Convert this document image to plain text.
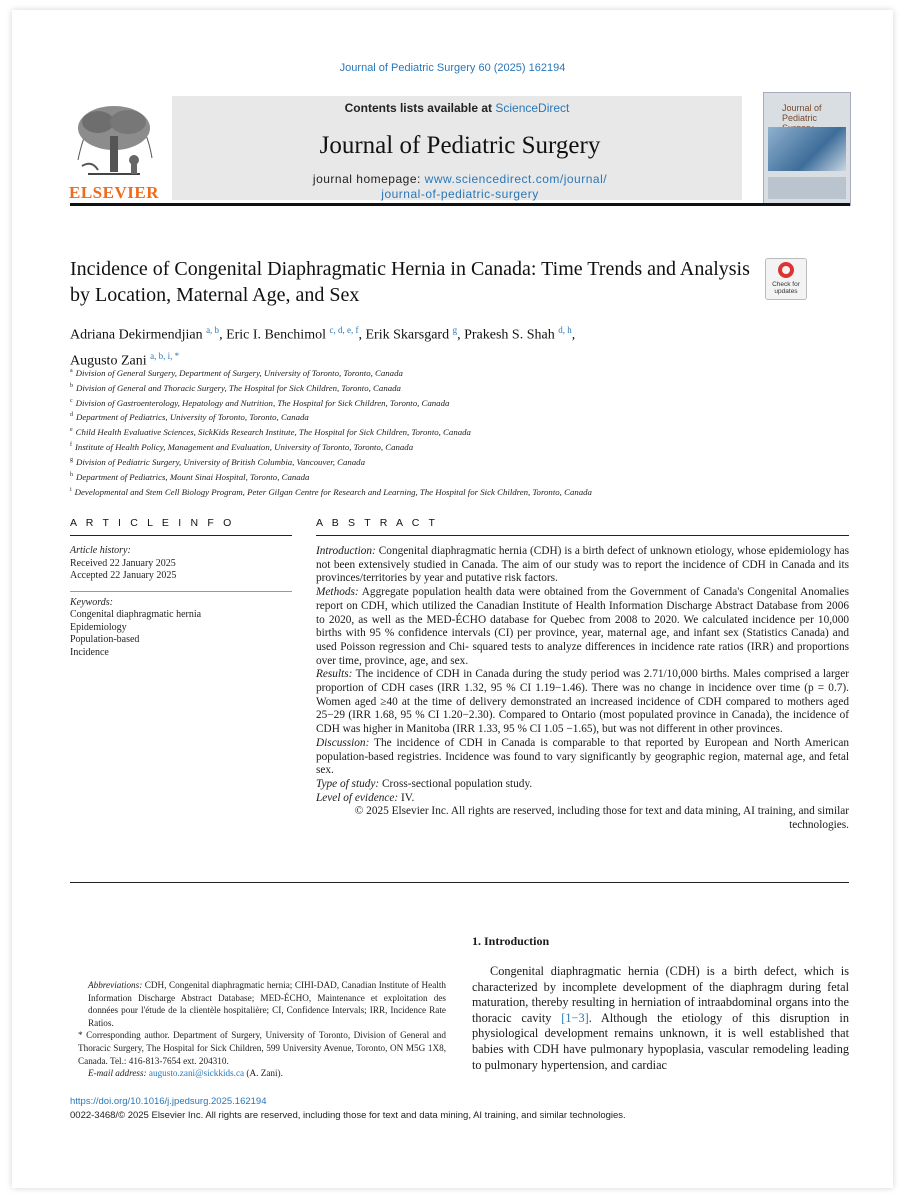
Journal of Pediatric Surgery 60 (2025) 162194
ELSEVIER
Contents lists available at ScienceDirect
Journal of Pediatric Surgery
journal homepage: www.sciencedirect.com/journal/
journal-of-pediatric-surgery
Journal of
Pediatric
Incidence of Congenital Diaphragmatic Hernia in Canada: Time Trends and Analysis by Location, Maternal Age, and Sex	Check for
updates
Adriana Dekirmendjian $^{a, b}$, Eric I. Benchimol $^{c, d, e, f}$, Erik Skarsgard $^g$, Prakesh S. Shah $^{d, h}$,
Augusto Zani $^{a, b, i, *}$
$^a$ Division of General Surgery, Department of Surgery, University of Toronto, Toronto, Canada
$^b$ Division of General and Thoracic Surgery, The Hospital for Sick Children, Toronto, Canada
$^c$ Division of Gastroenterology, Hepatology and Nutrition, The Hospital for Sick Children, Toronto, Canada
$^d$ Department of Pediatrics, University of Toronto, Toronto, Canada
$^e$ Child Health Evaluative Sciences, SickKids Research Institute, The Hospital for Sick Children, Toronto, Canada
$^f$ Institute of Health Policy, Management and Evaluation, University of Toronto, Toronto, Canada
$^g$ Division of Pediatric Surgery, University of British Columbia, Vancouver, Canada
$^h$ Department of Pediatrics, Mount Sinai Hospital, Toronto, Canada
$^i$ Developmental and Stem Cell Biology Program, Peter Gilgan Centre for Research and Learning, The Hospital for Sick Children, Toronto, Canada
A R T I C L E I N F O	A B S T R A C T
Article history:
Received 22 January 2025
Accepted 22 January 2025
Keywords:
Congenital diaphragmatic hernia
Epidemiology
Population-based
Incidence
Introduction: Congenital diaphragmatic hernia (CDH) is a birth defect of unknown etiology, whose epidemiology has not been extensively studied in Canada. The aim of our study was to report the incidence of CDH in Canada and its provinces/territories by year and putative risk factors.
Methods: Aggregate population health data were obtained from the Government of Canada's Congenital Anomalies report on CDH, which utilized the Canadian Institute of Health Information Discharge Abstract Database from 2006 to 2020, as well as the MED-ÉCHO database for Quebec from 2008 to 2020. We calculated incidence per 10,000 births with 95 % confidence intervals (CI) per province, year, maternal age, and infant sex (Statistics Canada) and used Poisson regression and Chi- squared tests to analyze differences in incidence rate ratios (IRR) and proportions over time, province, age, and sex.
Results: The incidence of CDH in Canada during the study period was 2.71/10,000 births. Males comprised a larger proportion of CDH cases (IRR 1.32, 95 % CI 1.19−1.46). There was no change in incidence over time (p = 0.7). Women aged ≥40 at the time of delivery demonstrated an increased incidence of CDH compared to mothers aged 25−29 (IRR 1.68, 95 % CI 1.20−2.30). Compared to Ontario (most populated province in Canada), the incidence of CDH was higher in Manitoba (IRR 1.33, 95 % CI 1.05 −1.65), but was not different in other provinces.
Discussion: The incidence of CDH in Canada is comparable to that reported by European and North American population-based registries. Incidence was found to vary significantly by geographic region, maternal age, and fetal sex.
Type of study: Cross-sectional population study.
Level of evidence: IV.
© 2025 Elsevier Inc. All rights are reserved, including those for text and data mining, AI training, and similar technologies.
1. Introduction
Congenital diaphragmatic hernia (CDH) is a birth defect, which is characterized by incomplete development of the diaphragm during fetal maturation, thereby resulting in herniation of intraabdominal organs into the thoracic cavity [1−3]. Although the etiology of this disruption in physiological development remains unknown, it is well established that babies with CDH have pulmonary hypoplasia, vascular remodeling leading to pulmonary hypertension, and cardiac
Abbreviations: CDH, Congenital diaphragmatic hernia; CIHI-DAD, Canadian Institute of Health Information Discharge Abstract Database; MED-ÉCHO, Maintenance et exploitation des données pour l'étude de la clientèle hospitalière; CI, Confidence Intervals; IRR, Incidence Rate Ratios.
* Corresponding author. Department of Surgery, University of Toronto, Division of General and Thoracic Surgery, The Hospital for Sick Children, 599 University Avenue, Toronto, ON M5G 1X8, Canada. Tel.: 416-813-7654 ext. 204310.
E-mail address: augusto.zani@sickkids.ca (A. Zani).
https://doi.org/10.1016/j.jpedsurg.2025.162194
0022-3468/© 2025 Elsevier Inc. All rights are reserved, including those for text and data mining, AI training, and similar technologies.
